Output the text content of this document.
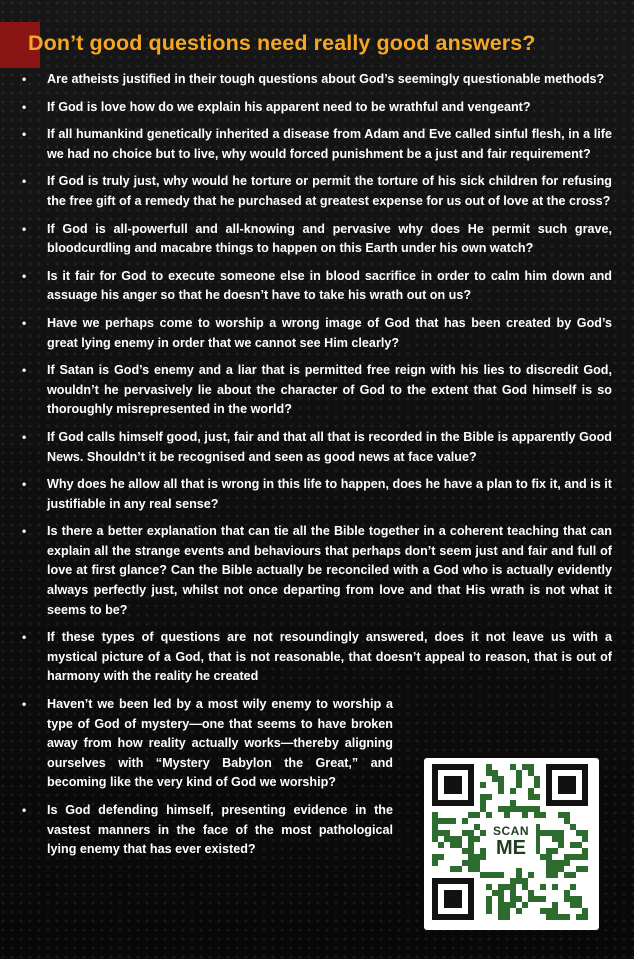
Don’t good questions need really good answers?
• Are atheists justified in their tough questions about God’s seemingly questionable methods?
• If God is love how do we explain his apparent need to be wrathful and vengeant?
• If all humankind genetically inherited a disease from Adam and Eve called sinful flesh, in a life we had no choice but to live, why would forced punishment be a just and fair requirement?
• If God is truly just, why would he torture or permit the torture of his sick children for refusing the free gift of a remedy that he purchased at greatest expense for us out of love at the cross?
• If God is all-powerfull and all-knowing and pervasive why does He permit such grave, bloodcurdling and macabre things to happen on this Earth under his own watch?
• Is it fair for God to execute someone else in blood sacrifice in order to calm him down and assuage his anger so that he doesn’t have to take his wrath out on us?
• Have we perhaps come to worship a wrong image of God that has been created by God’s great lying enemy in order that we cannot see Him clearly?
• If Satan is God’s enemy and a liar that is permitted free reign with his lies to discredit God, wouldn’t he pervasively lie about the character of God to the extent that God himself is so thoroughly misrepresented in the world?
• If God calls himself good, just, fair and that all that is recorded in the Bible is apparently Good News. Shouldn’t it be recognised and seen as good news at face value?
• Why does he allow all that is wrong in this life to happen, does he have a plan to fix it, and is it justifiable in any real sense?
• Is there a better explanation that can tie all the Bible together in a coherent teaching that can explain all the strange events and behaviours that perhaps don’t seem just and fair and full of love at first glance? Can the Bible actually be reconciled with a God who is actually evidently always perfectly just, whilst not once departing from love and that His wrath is not what it seems to be?
• If these types of questions are not resoundingly answered, does it not leave us with a mystical picture of a God, that is not reasonable, that doesn’t appeal to reason, that is out of harmony with the reality he created
• Haven’t we been led by a most wily enemy to worship a type of God of mystery—one that seems to have broken away from how reality actually works—thereby aligning ourselves with “Mystery Babylon the Great,” and becoming like the very kind of God we worship?
• Is God defending himself, presenting evidence in the vastest manners in the face of the most pathological lying enemy that has ever existed?
SCAN
ME
